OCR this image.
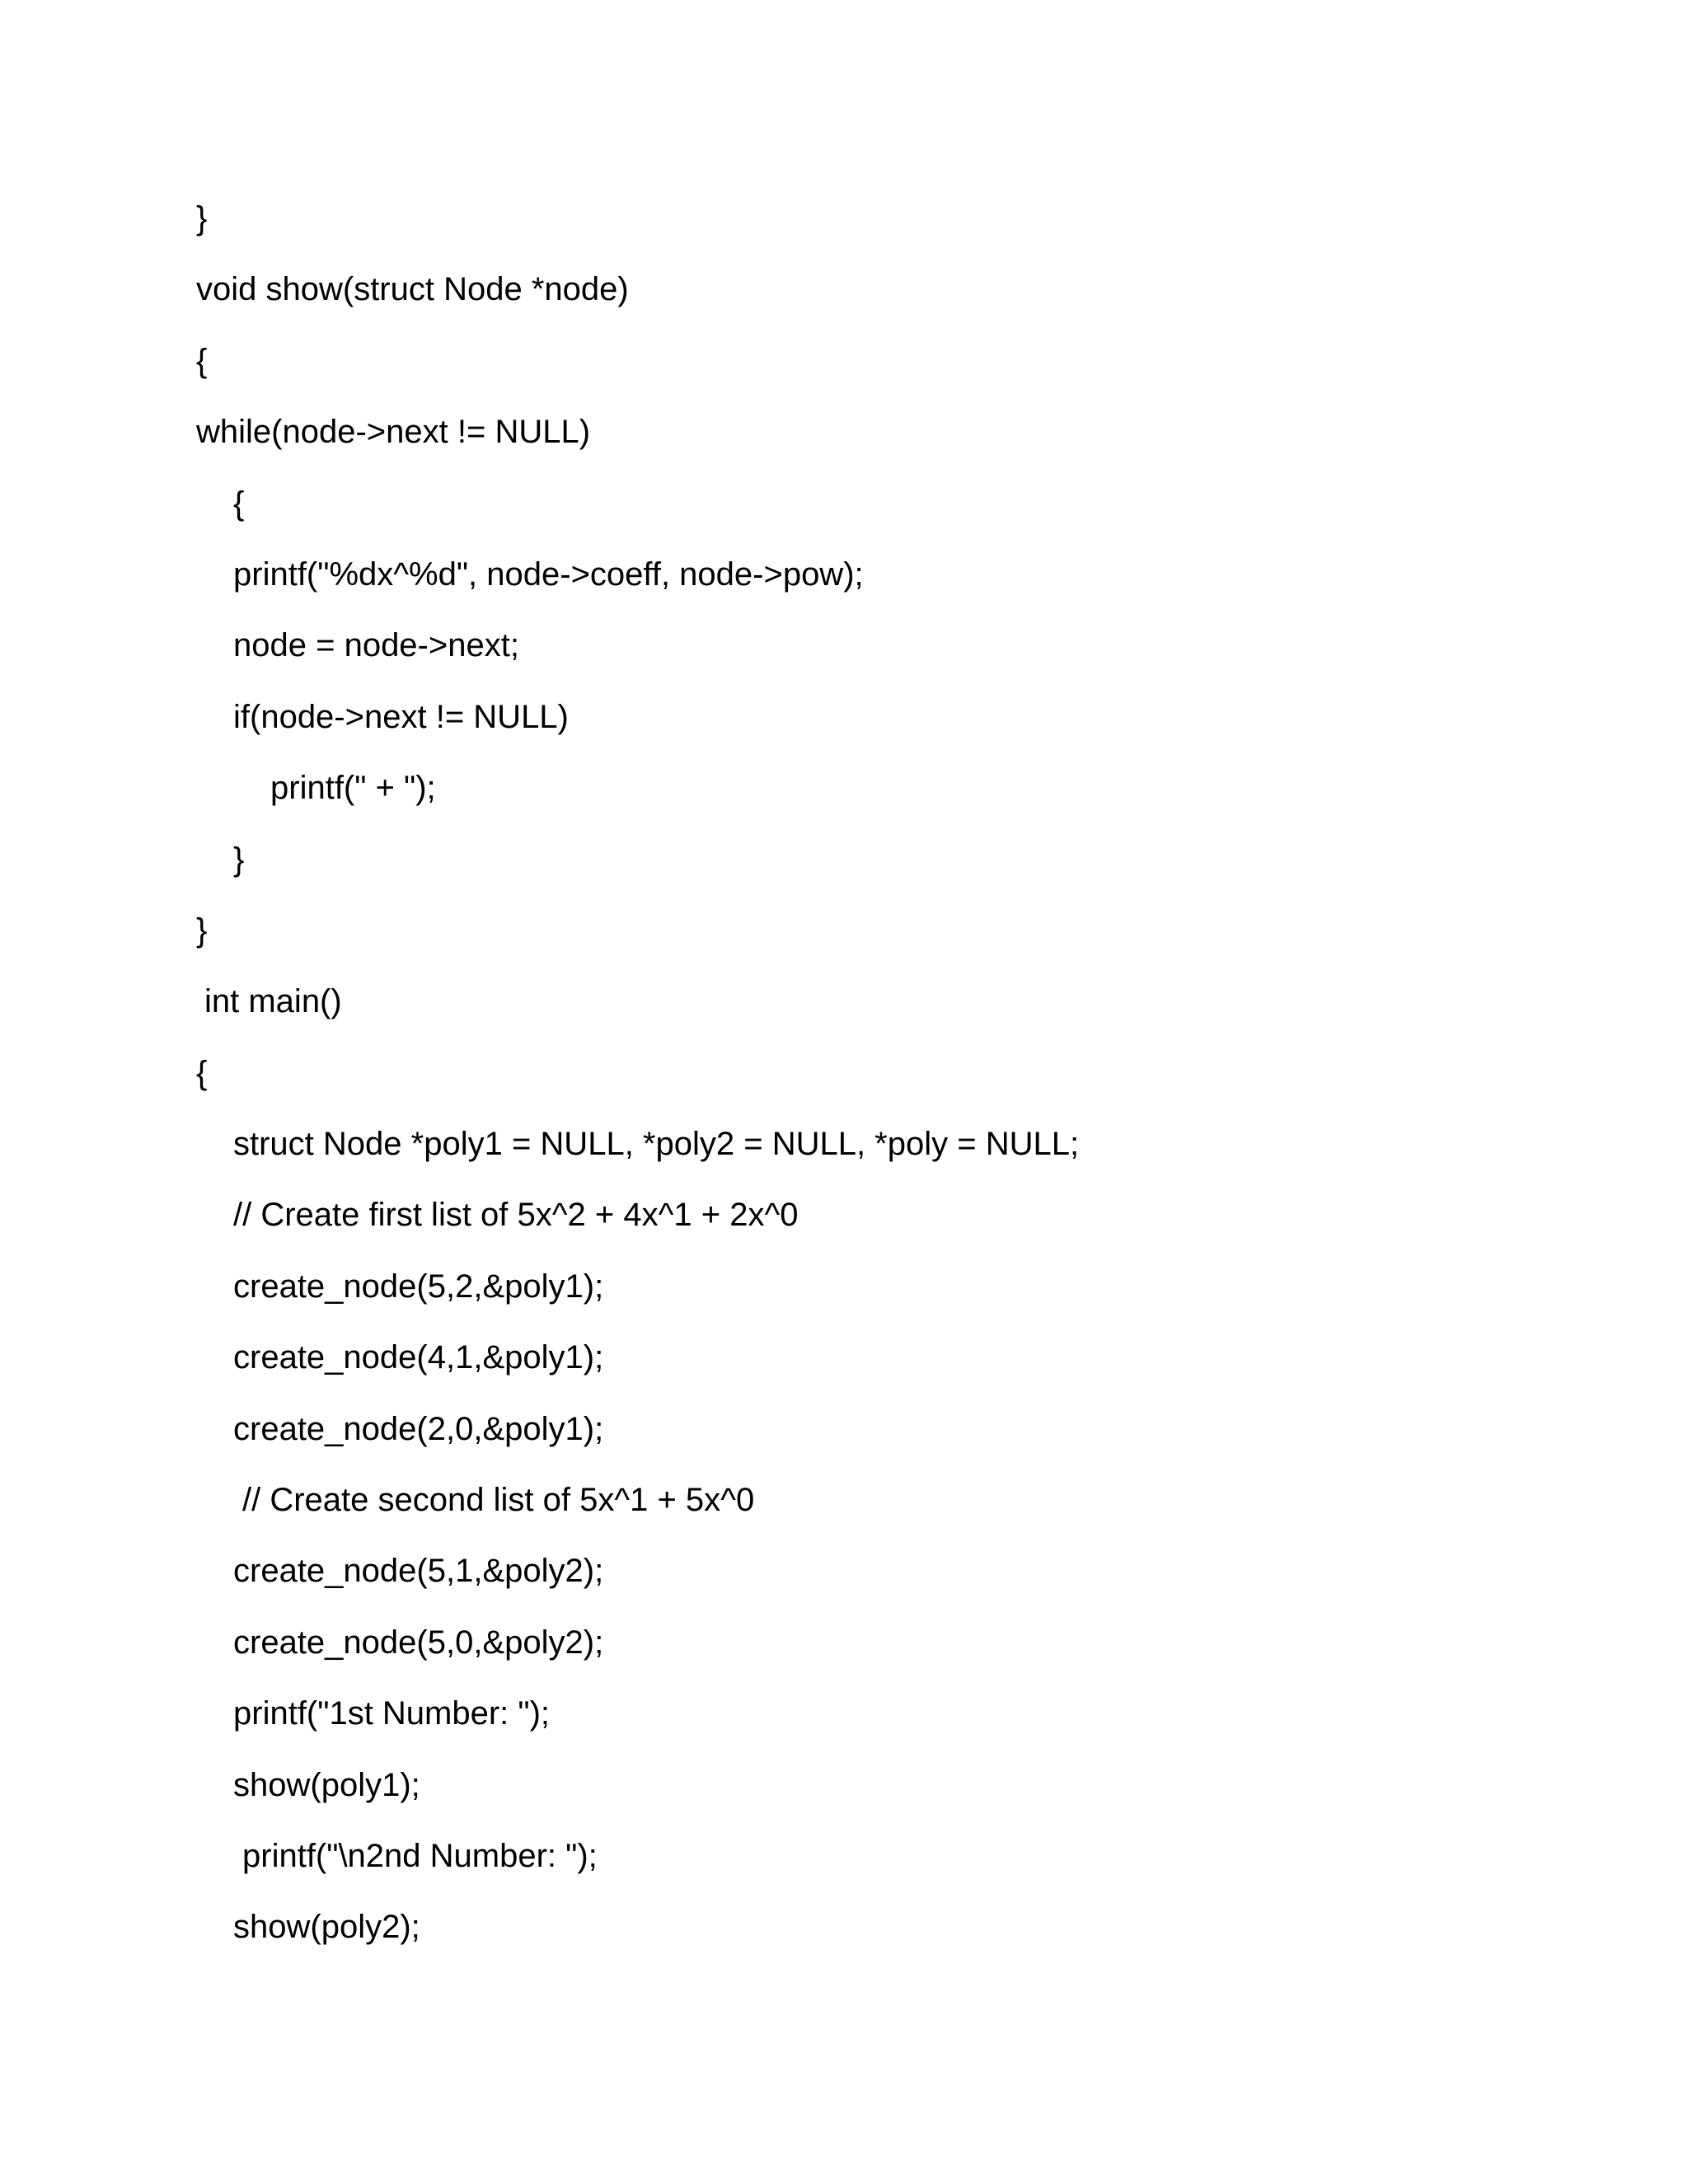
}
void show(struct Node *node)
{
while(node->next != NULL)
{
printf("%dx^%d", node->coeff, node->pow);
node = node->next;
if(node->next != NULL)
printf(" + ");
}
}
int main()
{
struct Node *poly1 = NULL, *poly2 = NULL, *poly = NULL;
// Create first list of 5x^2 + 4x^1 + 2x^0
create_node(5,2,&poly1);
create_node(4,1,&poly1);
create_node(2,0,&poly1);
// Create second list of 5x^1 + 5x^0
create_node(5,1,&poly2);
create_node(5,0,&poly2);
printf("1st Number: ");
show(poly1);
printf("\n2nd Number: ");
show(poly2);
